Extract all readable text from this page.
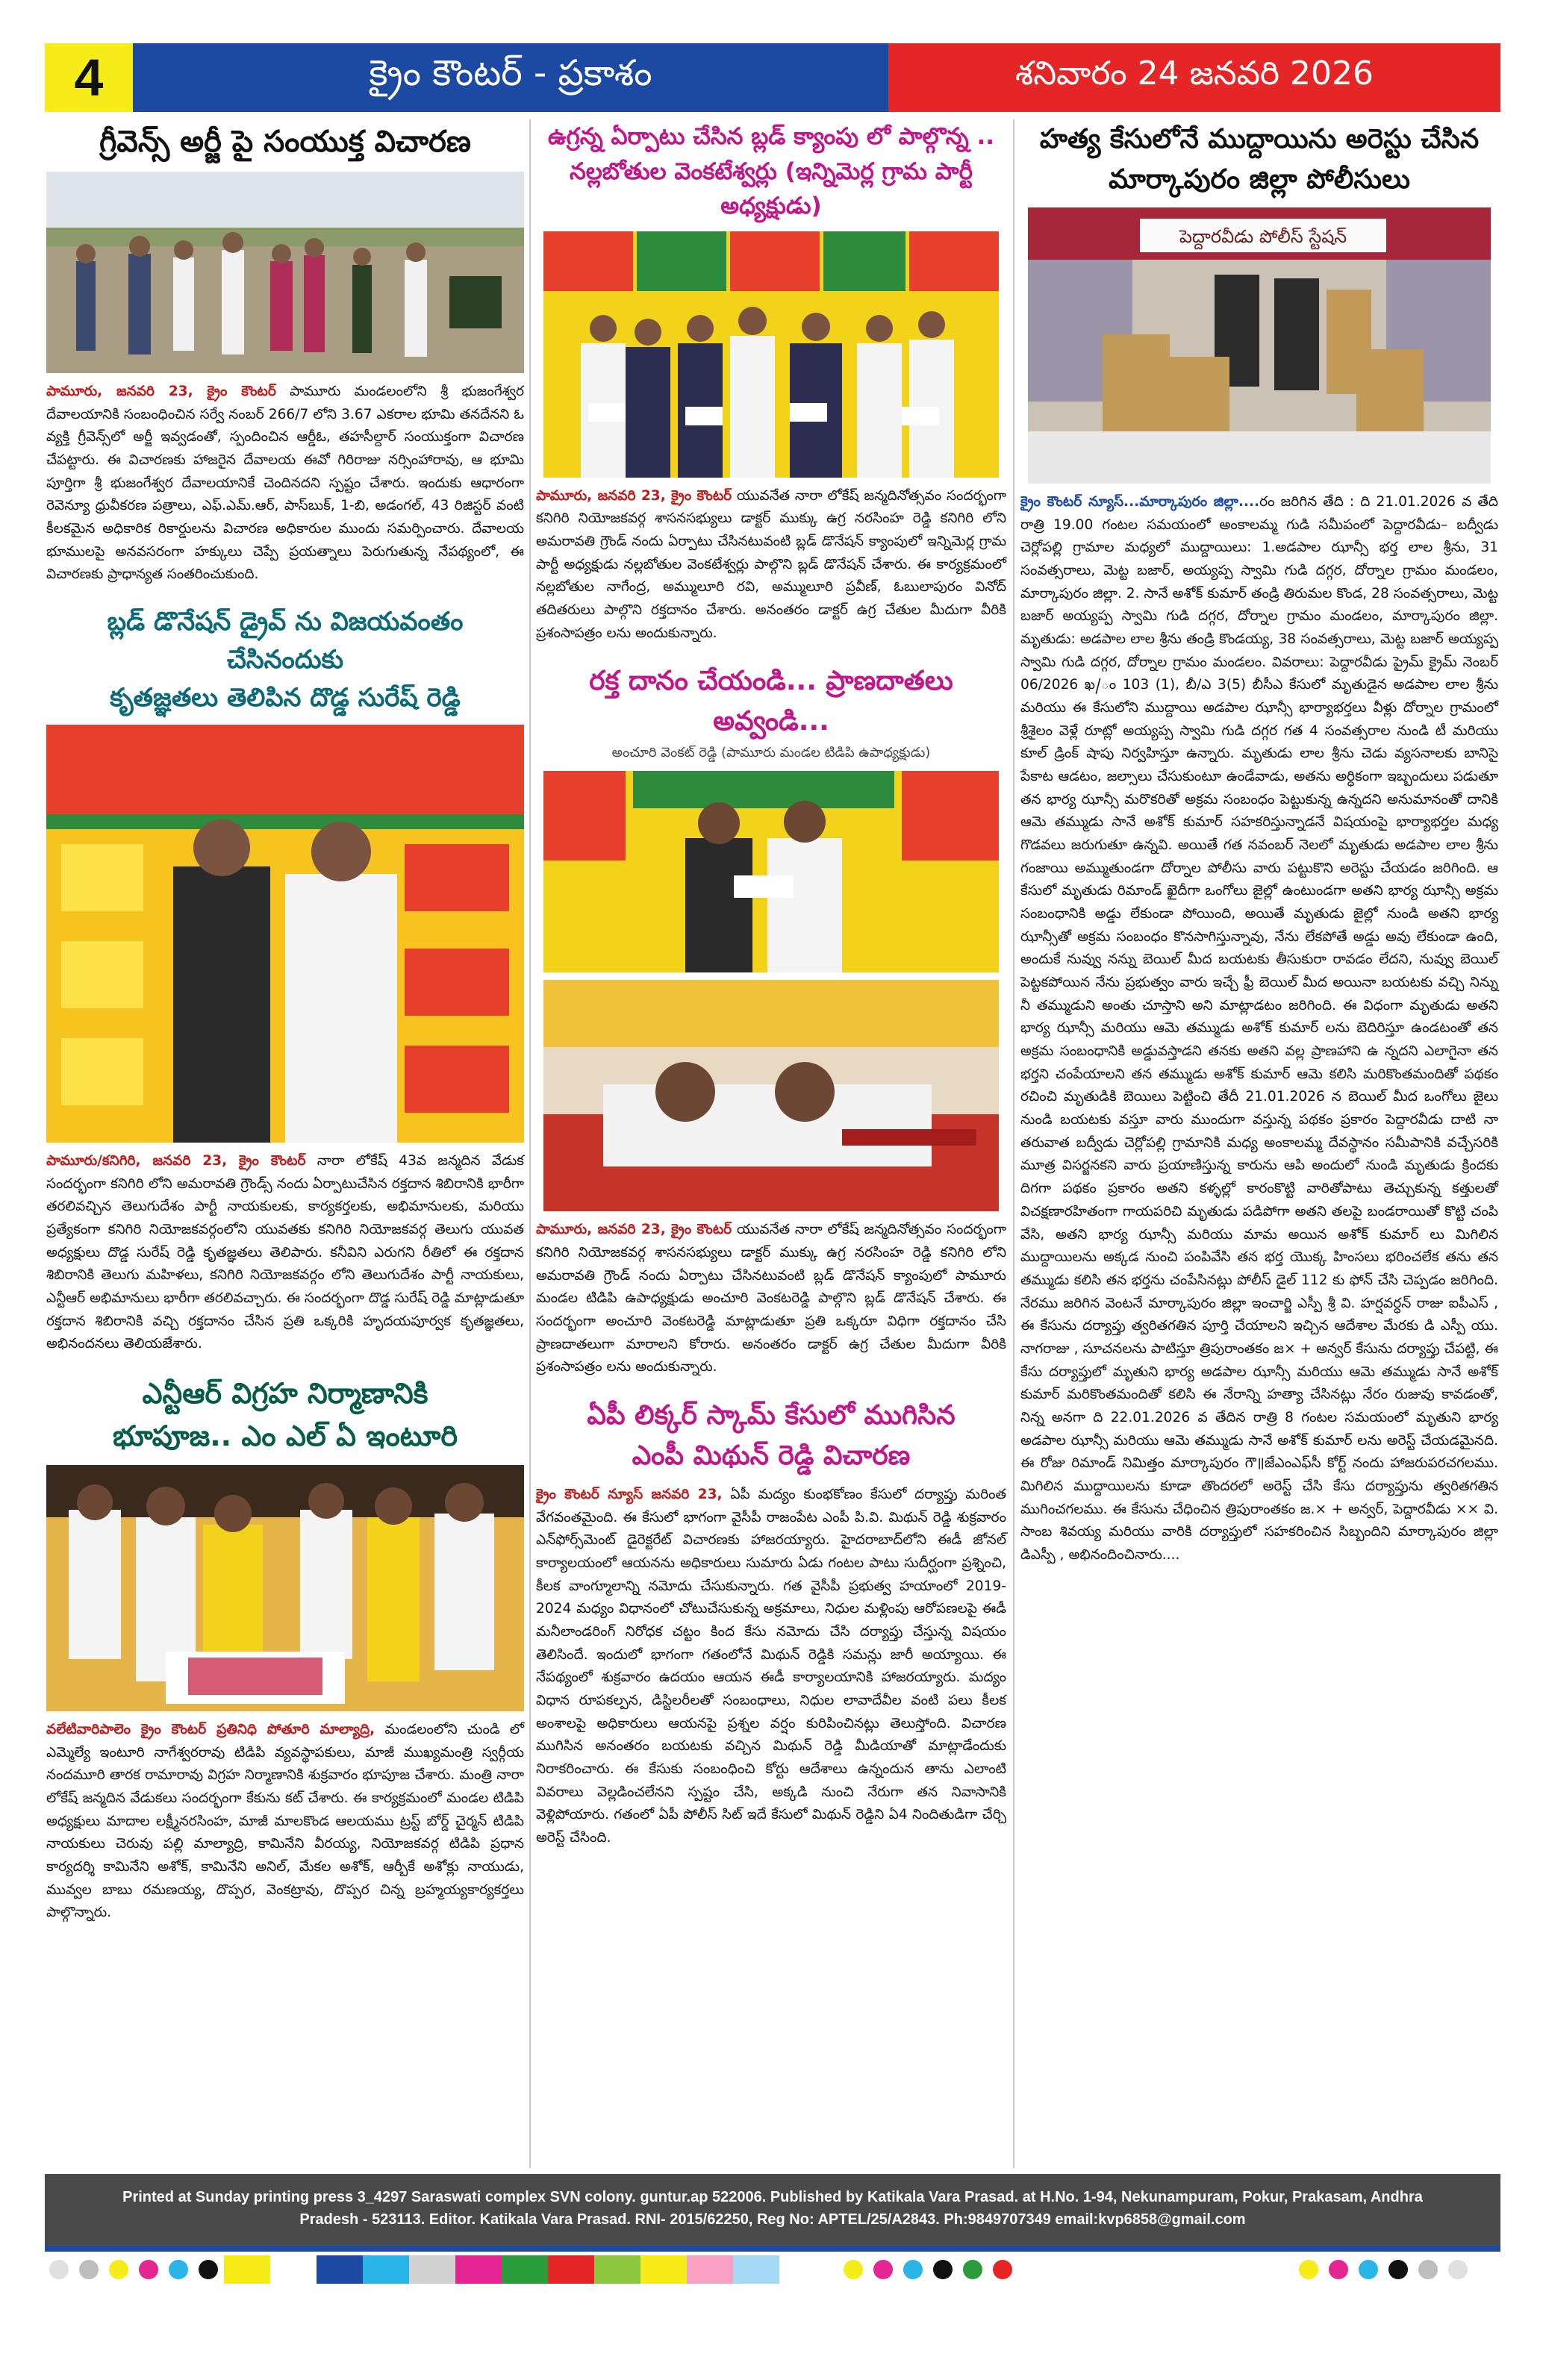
4	క్రైం కౌంటర్ - ప్రకాశం	శనివారం 24 జనవరి 2026
గ్రీవెన్స్ అర్జీ పై సంయుక్త విచారణ
పామూరు, జనవరి 23, క్రైం కౌంటర్ పామూరు మండలంలోని శ్రీ భుజంగేశ్వర దేవాలయానికి సంబంధించిన సర్వే నంబర్ 266/7 లోని 3.67 ఎకరాల భూమి తనదేనని ఓ వ్యక్తి గ్రీవెన్స్‌లో అర్జీ ఇవ్వడంతో, స్పందించిన ఆర్డీఓ, తహసీల్దార్ సంయుక్తంగా విచారణ చేపట్టారు. ఈ విచారణకు హాజరైన దేవాలయ ఈవో గిరిరాజు నర్సింహారావు, ఆ భూమి పూర్తిగా శ్రీ భుజంగేశ్వర దేవాలయానికే చెందినదని స్పష్టం చేశారు. ఇందుకు ఆధారంగా రెవెన్యూ ధ్రువీకరణ పత్రాలు, ఎఫ్.ఎమ్.ఆర్, పాస్‌బుక్, 1-బి, అడంగల్, 43 రిజిస్టర్ వంటి కీలకమైన అధికారిక రికార్డులను విచారణ అధికారుల ముందు సమర్పించారు. దేవాలయ భూములపై అనవసరంగా హక్కులు చెప్పే ప్రయత్నాలు పెరుగుతున్న నేపథ్యంలో, ఈ విచారణకు ప్రాధాన్యత సంతరించుకుంది.
బ్లడ్ డొనేషన్ డ్రైవ్ ను విజయవంతం చేసినందుకు
కృతజ్ఞతలు తెలిపిన దొడ్డ సురేష్ రెడ్డి
పామూరు/కనిగిరి, జనవరి 23, క్రైం కౌంటర్ నారా లోకేష్ 43వ జన్మదిన వేడుక సందర్భంగా కనిగిరి లోని అమరావతి గ్రౌండ్స్ నందు ఏర్పాటుచేసిన రక్తదాన శిబిరానికి భారీగా తరలివచ్చిన తెలుగుదేశం పార్టీ నాయకులకు, కార్యకర్తలకు, అభిమానులకు, మరియు ప్రత్యేకంగా కనిగిరి నియోజకవర్గంలోని యువతకు కనిగిరి నియోజకవర్గ తెలుగు యువత అధ్యక్షులు దొడ్డ సురేష్ రెడ్డి కృతజ్ఞతలు తెలిపారు. కనీవిని ఎరుగని రీతిలో ఈ రక్తదాన శిబిరానికి తెలుగు మహిళలు, కనిగిరి నియోజకవర్గం లోని తెలుగుదేశం పార్టీ నాయకులు, ఎన్టీఆర్ అభిమానులు భారీగా తరలివచ్చారు. ఈ సందర్భంగా దొడ్డ సురేష్ రెడ్డి మాట్లాడుతూ రక్తదాన శిబిరానికి వచ్చి రక్తదానం చేసిన ప్రతి ఒక్కరికి హృదయపూర్వక కృతజ్ఞతలు, అభినందనలు తెలియజేశారు.
ఎన్టీఆర్ విగ్రహ నిర్మాణానికి
భూపూజ.. ఎం ఎల్ ఏ ఇంటూరి
వలేటివారిపాలెం క్రైం కౌంటర్ ప్రతినిధి పోతూరి మాల్యాద్రి, మండలంలోని చుండి లో ఎమ్మెల్యే ఇంటూరి నాగేశ్వరరావు టిడిపి వ్యవస్థాపకులు, మాజీ ముఖ్యమంత్రి స్వర్గీయ నందమూరి తారక రామారావు విగ్రహ నిర్మాణానికి శుక్రవారం భూపూజ చేశారు. మంత్రి నారా లోకేష్ జన్మదిన వేడుకలు సందర్భంగా కేకును కట్ చేశారు. ఈ కార్యక్రమంలో మండల టిడిపి అధ్యక్షులు మాదాల లక్ష్మీనరసింహ, మాజీ మాలకొండ ఆలయము ట్రస్ట్ బోర్డ్ చైర్మన్ టిడిపి నాయకులు చెరువు పల్లి మాల్యాద్రి, కామినేని వీరయ్య, నియోజకవర్గ టిడిపి ప్రధాన కార్యదర్శి కామినేని అశోక్, కామినేని అనిల్, మేకల అశోక్, ఆర్బీకే అశోక్లు నాయుడు, మువ్వల బాబు రమణయ్య, దొప్పర, వెంకట్రావు, దొప్పర చిన్న బ్రహ్మయ్యకార్యకర్తలు పాల్గొన్నారు.
ఉగ్రన్న ఏర్పాటు చేసిన బ్లడ్ క్యాంపు లో పాల్గొన్న .. నల్లబోతుల వెంకటేశ్వర్లు (ఇన్నిమెర్ల గ్రామ పార్టీ అధ్యక్షుడు)
పామూరు, జనవరి 23, క్రైం కౌంటర్ యువనేత నారా లోకేష్ జన్మదినోత్సవం సందర్భంగా కనిగిరి నియోజకవర్గ శాసనసభ్యులు డాక్టర్ ముక్కు ఉగ్ర నరసింహ రెడ్డి కనిగిరి లోని అమరావతి గ్రౌండ్ నందు ఏర్పాటు చేసినటువంటి బ్లడ్ డొనేషన్ క్యాంపులో ఇన్నిమెర్ల గ్రామ పార్టీ అధ్యక్షుడు నల్లబోతుల వెంకటేశ్వర్లు పాల్గొని బ్లడ్ డొనేషన్ చేశారు. ఈ కార్యక్రమంలో నల్లబోతుల నాగేంద్ర, అమ్ములూరి రవి, అమ్ములూరి ప్రవీణ్, ఓబులాపురం వినోద్ తదితరులు పాల్గొని రక్తదానం చేశారు. అనంతరం డాక్టర్ ఉగ్ర చేతుల మీదుగా వీరికి ప్రశంసాపత్రం లను అందుకున్నారు.
రక్త దానం చేయండి... ప్రాణదాతలు అవ్వండి...
అంచూరి వెంకట్ రెడ్డి (పామూరు మండల టిడిపి ఉపాధ్యక్షుడు)
పామూరు, జనవరి 23, క్రైం కౌంటర్ యువనేత నారా లోకేష్ జన్మదినోత్సవం సందర్భంగా కనిగిరి నియోజకవర్గ శాసనసభ్యులు డాక్టర్ ముక్కు ఉగ్ర నరసింహ రెడ్డి కనిగిరి లోని అమరావతి గ్రౌండ్ నందు ఏర్పాటు చేసినటువంటి బ్లడ్ డొనేషన్ క్యాంపులో పామూరు మండల టిడిపి ఉపాధ్యక్షుడు అంచూరి వెంకటరెడ్డి పాల్గొని బ్లడ్ డొనేషన్ చేశారు. ఈ సందర్భంగా అంచూరి వెంకటరెడ్డి మాట్లాడుతూ ప్రతి ఒక్కరూ విధిగా రక్తదానం చేసి ప్రాణదాతలుగా మారాలని కోరారు. అనంతరం డాక్టర్ ఉగ్ర చేతుల మీదుగా వీరికి ప్రశంసాపత్రం లను అందుకున్నారు.
ఏపీ లిక్కర్ స్కామ్ కేసులో ముగిసిన
ఎంపీ మిథున్ రెడ్డి విచారణ
క్రైం కౌంటర్ న్యూస్ జనవరి 23, ఏపీ మద్యం కుంభకోణం కేసులో దర్యాప్తు మరింత వేగవంతమైంది. ఈ కేసులో భాగంగా వైసీపీ రాజంపేట ఎంపీ పి.వి. మిథున్ రెడ్డి శుక్రవారం ఎన్‌ఫోర్స్‌మెంట్ డైరెక్టరేట్ విచారణకు హాజరయ్యారు. హైదరాబాద్‌లోని ఈడీ జోనల్ కార్యాలయంలో ఆయనను అధికారులు సుమారు ఏడు గంటల పాటు సుదీర్ఘంగా ప్రశ్నించి, కీలక వాంగ్మూలాన్ని నమోదు చేసుకున్నారు. గత వైసీపీ ప్రభుత్వ హయాంలో 2019-2024 మధ్యం విధానంలో చోటుచేసుకున్న అక్రమాలు, నిధుల మళ్లింపు ఆరోపణలపై ఈడీ మనీలాండరింగ్ నిరోధక చట్టం కింద కేసు నమోదు చేసి దర్యాప్తు చేస్తున్న విషయం తెలిసిందే. ఇందులో భాగంగా గతంలోనే మిథున్ రెడ్డికి సమన్లు జారీ అయ్యాయి. ఈ నేపథ్యంలో శుక్రవారం ఉదయం ఆయన ఈడీ కార్యాలయానికి హాజరయ్యారు. మద్యం విధాన రూపకల్పన, డిస్టిలరీలతో సంబంధాలు, నిధుల లావాదేవీల వంటి పలు కీలక అంశాలపై అధికారులు ఆయనపై ప్రశ్నల వర్షం కురిపించినట్లు తెలుస్తోంది. విచారణ ముగిసిన అనంతరం బయటకు వచ్చిన మిథున్ రెడ్డి మీడియాతో మాట్లాడేందుకు నిరాకరించారు. ఈ కేసుకు సంబంధించి కోర్టు ఆదేశాలు ఉన్నందున తాను ఎలాంటి వివరాలు వెల్లడించలేనని స్పష్టం చేసి, అక్కడి నుంచి నేరుగా తన నివాసానికి వెళ్లిపోయారు. గతంలో ఏపీ పోలీస్ సిట్ ఇదే కేసులో మిథున్ రెడ్డిని ఏ4 నిందితుడిగా చేర్చి అరెస్ట్ చేసింది.
హత్య కేసులోనే ముద్దాయిను అరెస్టు చేసిన మార్కాపురం జిల్లా పోలీసులు
పెద్దారవీడు పోలీస్ స్టేషన్
క్రైం కౌంటర్ న్యూస్...మార్కాపురం జిల్లా....రం జరిగిన తేది : ది 21.01.2026 వ తేది రాత్రి 19.00 గంటల సమయంలో అంకాలమ్మ గుడి సమీపంలో పెద్దారవీడు– బద్వీడు చెర్లోపల్లి గ్రామాల మధ్యలో ముద్దాయిలు: 1.అడపాల ఝాన్సీ భర్త లాల శ్రీను, 31 సంవత్సరాలు, మెట్ట బజార్, అయ్యప్ప స్వామి గుడి దగ్గర, దోర్నాల గ్రామం మండలం, మార్కాపురం జిల్లా. 2. సానే అశోక్ కుమార్ తండ్రి తిరుమల కొండ, 28 సంవత్సరాలు, మెట్ట బజార్ అయ్యప్ప స్వామి గుడి దగ్గర, దోర్నాల గ్రామం మండలం, మార్కాపురం జిల్లా. మృతుడు: అడపాల లాల శ్రీను తండ్రి కొండయ్య, 38 సంవత్సరాలు, మెట్ట బజార్ అయ్యప్ప స్వామి గుడి దగ్గర, దోర్నాల గ్రామం మండలం. వివరాలు: పెద్దారవీడు ప్రైమ్ క్రైమ్ నెంబర్ 06/2026 ఖ/ం 103 (1), బీ/ఎ 3(5) బీసీఎ కేసులో మృతుడైన అడపాల లాల శ్రీను మరియు ఈ కేసులోని ముద్దాయి అడపాల ఝాన్సీ భార్యాభర్తలు వీళ్లు దోర్నాల గ్రామంలో శ్రీశైలం వెళ్లే రూట్లో అయ్యప్ప స్వామి గుడి దగ్గర గత 4 సంవత్సరాల నుండి టీ మరియు కూల్ డ్రింక్ షాపు నిర్వహిస్తూ ఉన్నారు. మృతుడు లాల శ్రీను చెడు వ్యసనాలకు బానిసై పేకాట ఆడటం, జల్సాలు చేసుకుంటూ ఉండేవాడు, అతను అర్ధికంగా ఇబ్బందులు పడుతూ తన భార్య ఝాన్సీ మరొకరితో అక్రమ సంబంధం పెట్టుకున్న ఉన్నదని అనుమానంతో దానికి ఆమె తమ్ముడు సానే అశోక్ కుమార్ సహకరిస్తున్నాడనే విషయంపై భార్యాభర్తల మధ్య గొడవలు జరుగుతూ ఉన్నవి. అయితే గత నవంబర్ నెలలో మృతుడు అడపాల లాల శ్రీను గంజాయి అమ్ముతుండగా దోర్నాల పోలీసు వారు పట్టుకొని అరెస్టు చేయడం జరిగింది. ఆ కేసులో మృతుడు రిమాండ్ ఖైదీగా ఒంగోలు జైల్లో ఉంటుండగా అతని భార్య ఝాన్సీ అక్రమ సంబంధానికి అడ్డు లేకుండా పోయింది, అయితే మృతుడు జైల్లో నుండి అతని భార్య ఝాన్సీతో అక్రమ సంబంధం కొనసాగిస్తున్నావు, నేను లేకపోతే అడ్డు అవు లేకుండా ఉంది, అందుకే నువ్వు నన్ను బెయిల్ మీద బయటకు తీసుకురా రావడం లేదని, నువ్వు బెయిల్ పెట్టకపోయిన నేను ప్రభుత్వం వారు ఇచ్చే ఫ్రీ బెయిల్ మీద అయినా బయటకు వచ్చి నిన్ను నీ తమ్ముడుని అంతు చూస్తాని అని మాట్లాడటం జరిగింది. ఈ విధంగా మృతుడు అతని భార్య ఝాన్సీ మరియు ఆమె తమ్ముడు అశోక్ కుమార్ లను బెదిరిస్తూ ఉండటంతో తన అక్రమ సంబంధానికి అడ్డువస్తాడని తనకు అతని వల్ల ప్రాణహాని ఉ న్నదని ఎలాగైనా తన భర్తని చంపేయాలని తన తమ్ముడు అశోక్ కుమార్ ఆమె కలిసి మరికొంతమందితో పథకం రచించి మృతుడికి బెయిలు పెట్టించి తేదీ 21.01.2026 న బెయిల్ మీద ఒంగోలు జైలు నుండి బయటకు వస్తూ వారు ముందుగా వస్తున్న పథకం ప్రకారం పెద్దారవీడు దాటి నా తరువాత బద్వీడు చెర్లోపల్లి గ్రామానికి మధ్య అంకాలమ్మ దేవస్థానం సమీపానికి వచ్చేసరికి మూత్ర విసర్జనకని వారు ప్రయాణిస్తున్న కారును ఆపి అందులో నుండి మృతుడు క్రిందకు దిగగా పథకం ప్రకారం అతని కళ్ళల్లో కారంకొట్టి వారితోపాటు తెచ్చుకున్న కత్తులతో విచక్షణారహితంగా గాయపరిచి మృతుడు పడిపోగా అతని తలపై బండరాయితో కొట్టి చంపి వేసి, అతని భార్య ఝాన్సీ మరియు మామ అయిన అశోక్ కుమార్ లు మిగిలిన ముద్దాయిలను అక్కడ నుంచి పంపివేసి తన భర్త యొక్క హింసలు భరించలేక తను తన తమ్ముడు కలిసి తన భర్తను చంపేసినట్లు పోలీస్ డైల్ 112 కు ఫోన్ చేసి చెప్పడం జరిగింది. నేరము జరిగిన వెంటనే మార్కాపురం జిల్లా ఇంచార్జి ఎస్పీ శ్రీ వి. హర్షవర్ధన్ రాజు ఐపీఎస్ , ఈ కేసును దర్యాప్తు త్వరితగతిన పూర్తి చేయాలని ఇచ్చిన ఆదేశాల మేరకు డి ఎస్పీ యు. నాగరాజు , సూచనలను పాటిస్తూ త్రిపురాంతకం జ× + అన్వర్ కేసును దర్యాప్తు చేపట్టి, ఈ కేసు దర్యాప్తులో మృతుని భార్య అడపాల ఝాన్సీ మరియు ఆమె తమ్ముడు సానే అశోక్ కుమార్ మరికొంతమందితో కలిసి ఈ నేరాన్ని హత్యా చేసినట్లు నేరం రుజువు కావడంతో, నిన్న అనగా ది 22.01.2026 వ తేదిన రాత్రి 8 గంటల సమయంలో మృతుని భార్య అడపాల ఝాన్సీ మరియు ఆమె తమ్ముడు సానే అశోక్ కుమార్ లను అరెస్ట్ చేయడమైనది. ఈ రోజు రిమాండ్ నిమిత్తం మార్కాపురం గౌ॥జేఎంఎఫ్‌సీ కోర్ట్ నందు హాజరుపరచగలము. మిగిలిన ముద్దాయిలను కూడా తొందరలో అరెస్ట్ చేసి కేసు దర్యాప్తును త్వరితగతిన ముగించగలము. ఈ కేసును చేధించిన త్రిపురాంతకం జ.× + అన్వర్, పెద్దారవీడు ×× వి. సాంబ శివయ్య మరియు వారికి దర్యాప్తులో సహకరించిన సిబ్బందిని మార్కాపురం జిల్లా డిఎస్పీ , అభినందించినారు....
Printed at Sunday printing press 3_4297 Saraswati complex SVN colony. guntur.ap 522006. Published by Katikala Vara Prasad. at H.No. 1-94, Nekunampuram, Pokur, Prakasam, Andhra
Pradesh - 523113. Editor. Katikala Vara Prasad. RNI- 2015/62250, Reg No: APTEL/25/A2843. Ph:9849707349 email:kvp6858@gmail.com
